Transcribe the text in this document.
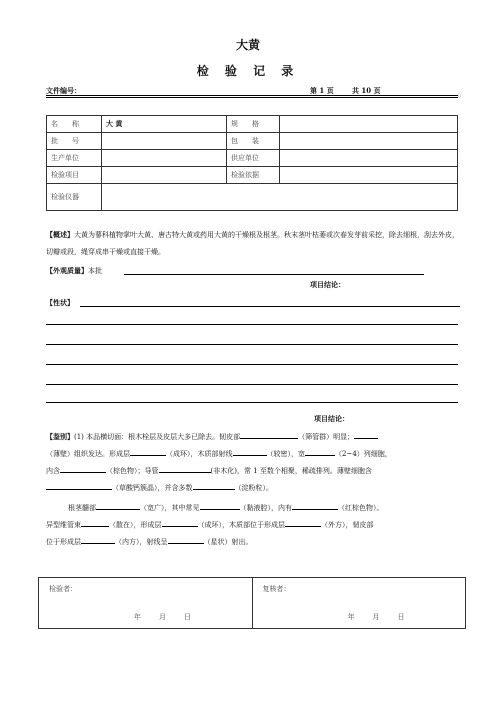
大黄
检 验 记 录
文件编号：	第 1 页	共 10 页
▯
名　　称	大 黄	规　　格	
批　　号		包　　装	
生产单位		供应单位	
检验项目		检验依据	
检验仪器			
【概述】大黄为蓼科植物掌叶大黄、唐古特大黄或药用大黄的干燥根及根茎。秋末茎叶枯萎或次春发芽前采挖，除去细根，刮去外皮，切瓣或段，绳穿成串干燥或直接干燥。
【外观质量】本批
项目结论：
【性状】
项目结论：
【鉴别】(1) 本品横切面：根木栓层及皮层大多已除去。韧皮部	（筛管群）明显；
（薄壁）组织发达。形成层	（成环），木质部射线	（较密），宽	（2~4）列细胞，
内含	（棕色物）；导管	(非木化)，常 1 至数个相聚，稀疏排列。薄壁细胞含
（草酸钙簇晶），并含多数	（淀粉粒）。
根茎髓部	（宽广），其中常见	（黏液腔），内有	（红棕色物）。
异型维管束	（散在），形成层	（成环），木质部位于形成层	（外方），韧皮部
位于形成层	（内方），射线呈	（星状）射出。
检验者：
年	月	日
	复核者：
年	月	日
